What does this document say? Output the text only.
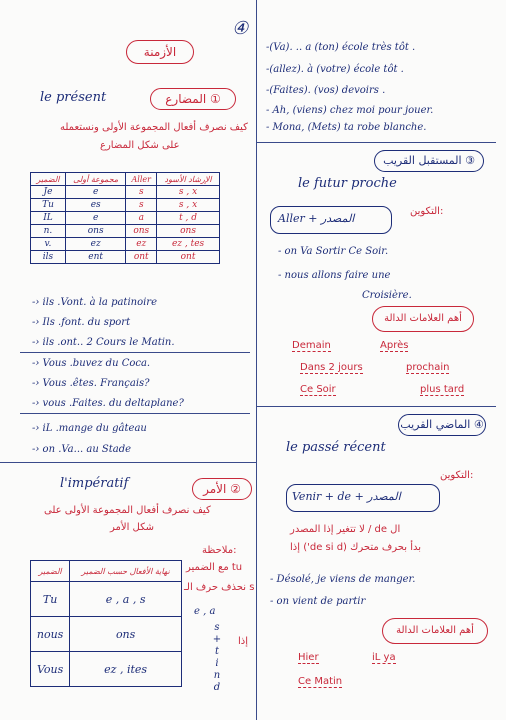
④
الأزمنة
le présent	المضارع ①
كيف نصرف أفعال المجموعة الأولى ونستعمله
على شكل المضارع
الضمير	مجموعة أولى	Aller	الإرشاد الأسود
Je	e	s	s , x
Tu	es	s	s , x
IL	e	a	t , d
n.	ons	ons	ons
v.	ez	ez	ez , tes
ils	ent	ont	ont
-› ils .Vont. à la patinoire
-› Ils .font. du sport
-› ils .ont.. 2 Cours le Matin.
-› Vous .buvez du Coca.
-› Vous .êtes. Français?
-› vous .Faites. du deltaplane?
-› iL .mange du gâteau
-› on .Va... au Stade
l'impératif	الأمر ②
كيف نصرف أفعال المجموعة الأولى على
شكل الأمر
الضمير	نهاية الأفعال حسب الضمير
Tu	e , a , s
nous	ons
Vous	ez , ites
ملاحظة:
مع الضمير tu
نحذف حرف الـ s
e , a
إذا
s
+
t
i
n
d
-(Va). .. a (ton) école très tôt .
-(allez). à (votre) école tôt .
-(Faites). (vos) devoirs .
- Ah, (viens) chez moi pour jouer.
- Mona, (Mets) ta robe blanche.
المستقبل القريب ③
le futur proche
التكوين:
Aller + المصدر
- on Va Sortir Ce Soir.
- nous allons faire une
Croisière.
أهم العلامات الدالة
Demain	Après
Dans 2 jours	prochain
Ce Soir	plus tard
الماضي القريب ④
le passé récent
التكوين:
Venir + de + المصدر
ال de / لا تتغير إذا المصدر
بدأ بحرف متحرك (de si d') إذا
- Désolé, je viens de manger.
- on vient de partir
أهم العلامات الدالة
Hier	iL ya
Ce Matin
